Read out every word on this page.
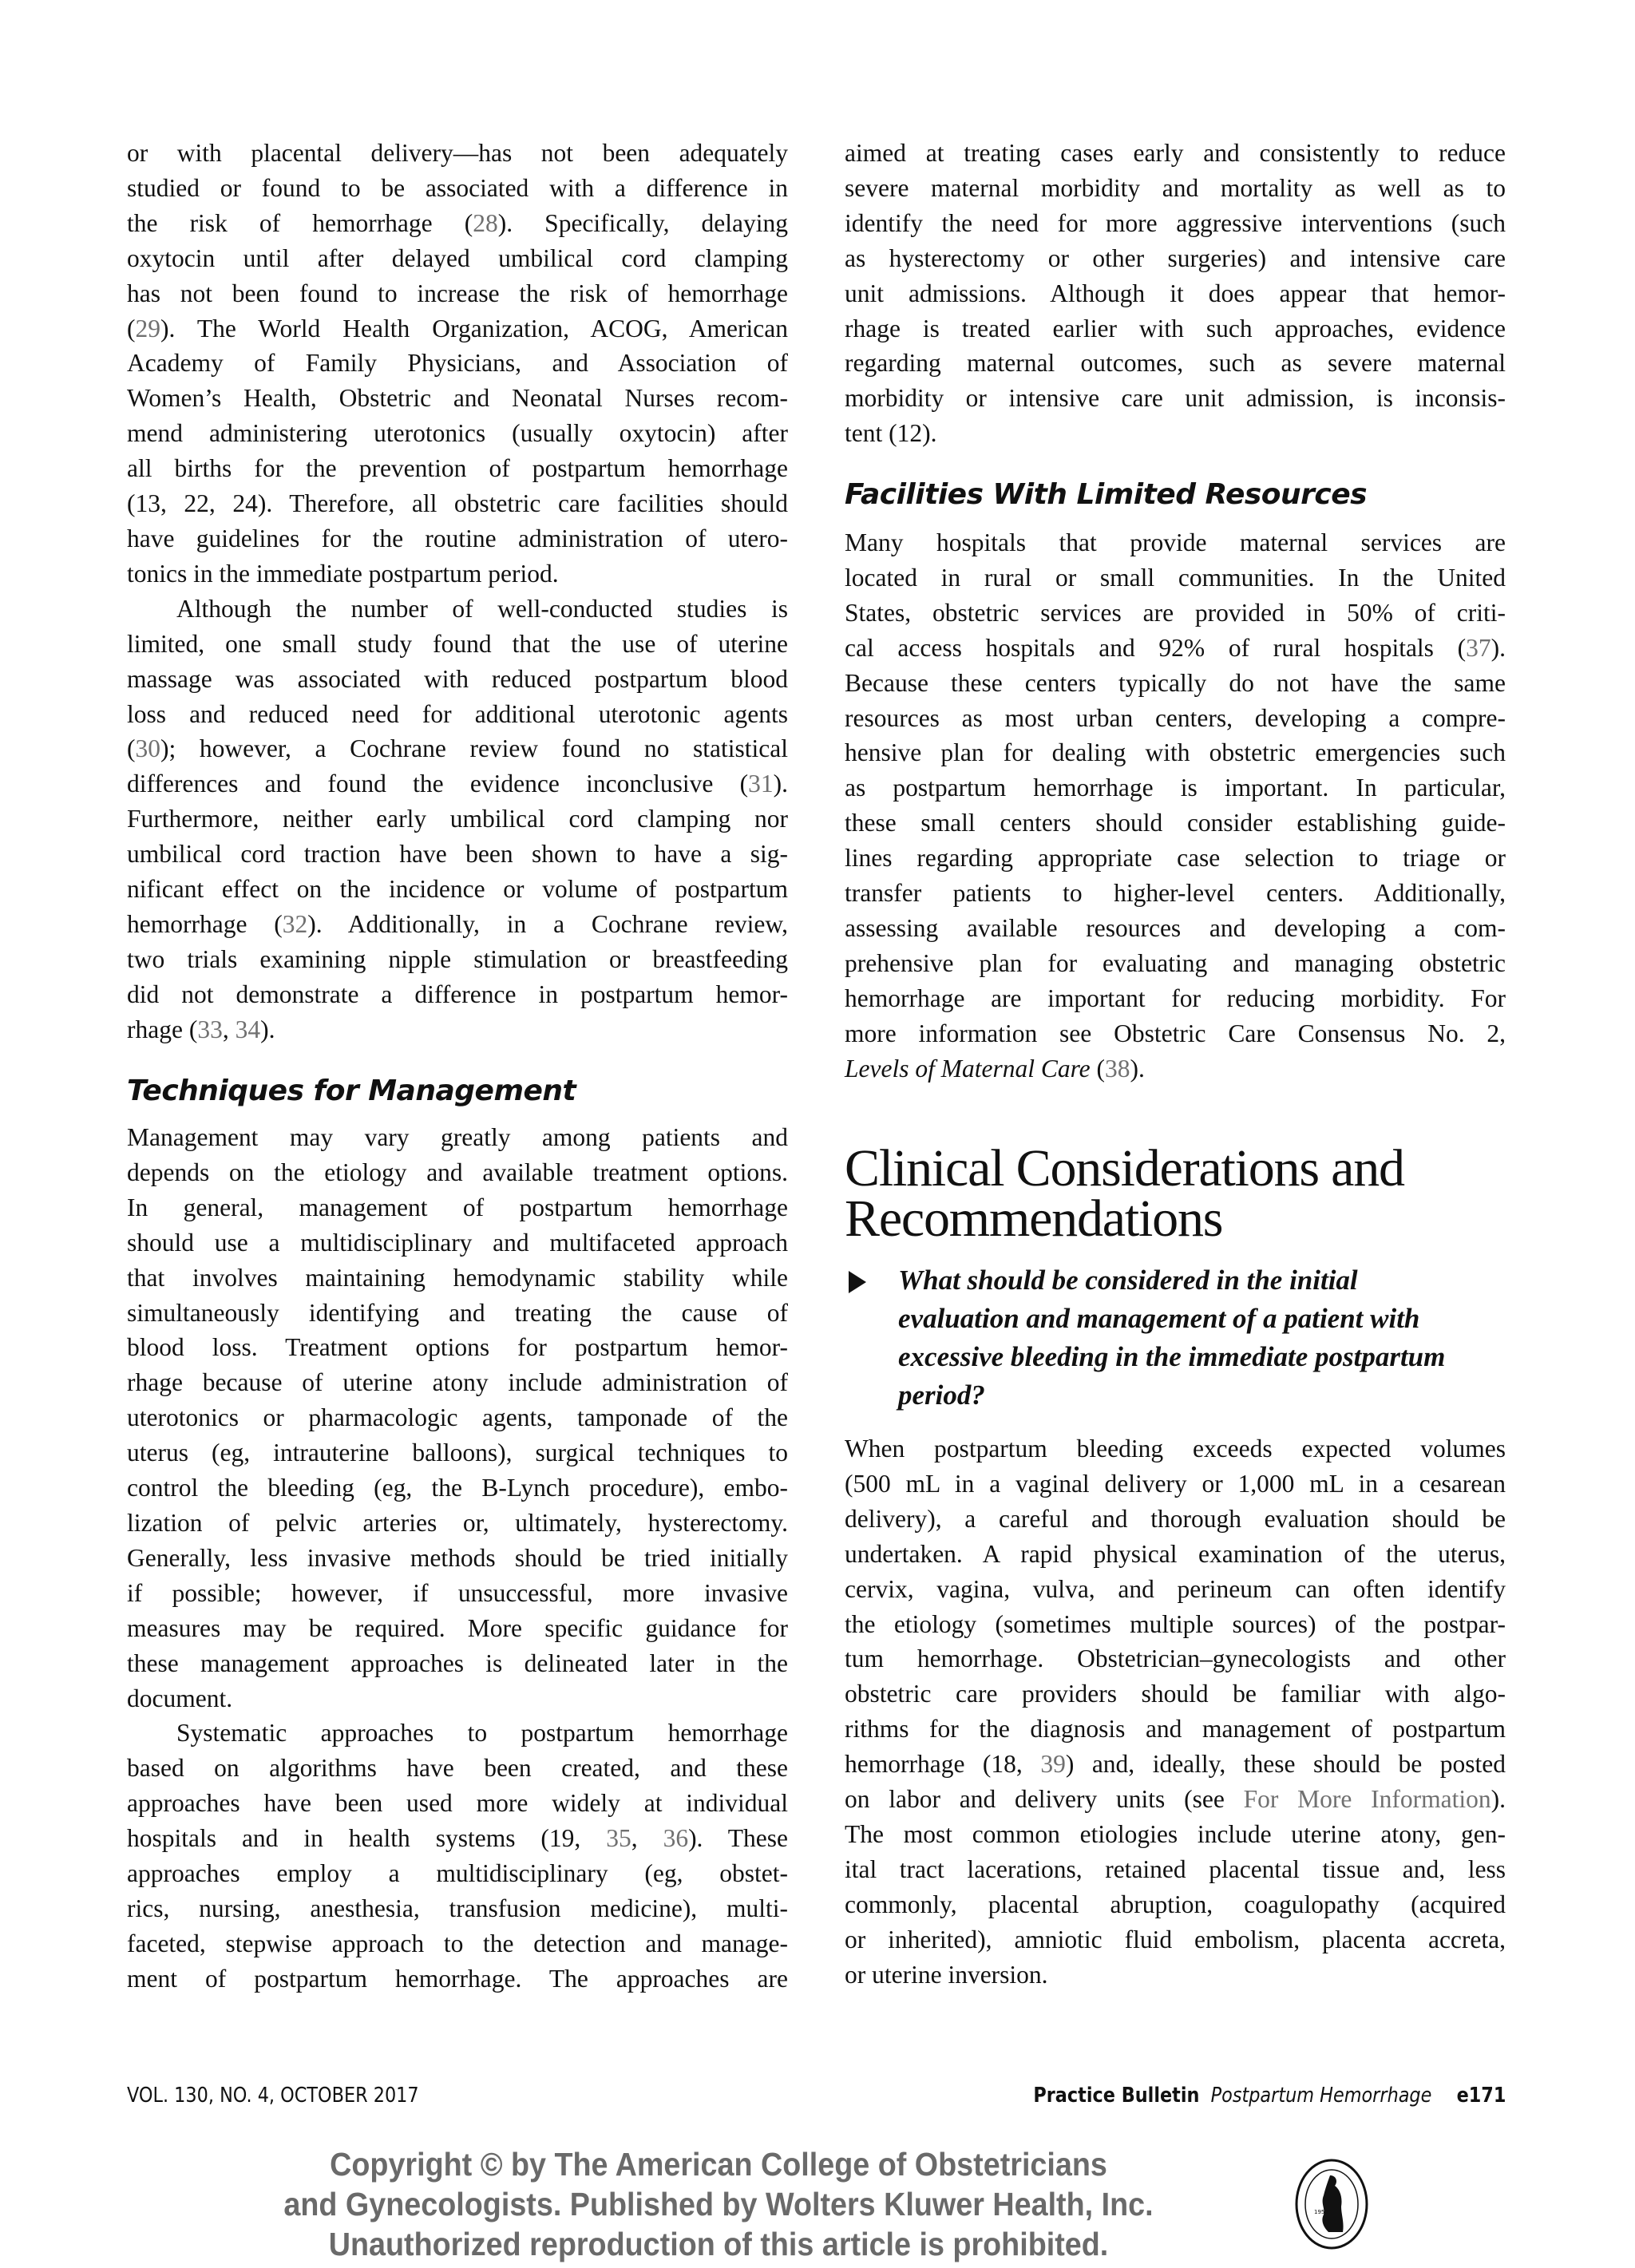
or with placental delivery—has not been adequately
studied or found to be associated with a difference in
the risk of hemorrhage (28). Specifically, delaying
oxytocin until after delayed umbilical cord clamping
has not been found to increase the risk of hemorrhage
(29). The World Health Organization, ACOG, American
Academy of Family Physicians, and Association of
Women’s Health, Obstetric and Neonatal Nurses recom-
mend administering uterotonics (usually oxytocin) after
all births for the prevention of postpartum hemorrhage
(13, 22, 24). Therefore, all obstetric care facilities should
have guidelines for the routine administration of utero-
tonics in the immediate postpartum period.
Although the number of well-conducted studies is
limited, one small study found that the use of uterine
massage was associated with reduced postpartum blood
loss and reduced need for additional uterotonic agents
(30); however, a Cochrane review found no statistical
differences and found the evidence inconclusive (31).
Furthermore, neither early umbilical cord clamping nor
umbilical cord traction have been shown to have a sig-
nificant effect on the incidence or volume of postpartum
hemorrhage (32). Additionally, in a Cochrane review,
two trials examining nipple stimulation or breastfeeding
did not demonstrate a difference in postpartum hemor-
rhage (33, 34).
Techniques for Management
Management may vary greatly among patients and
depends on the etiology and available treatment options.
In general, management of postpartum hemorrhage
should use a multidisciplinary and multifaceted approach
that involves maintaining hemodynamic stability while
simultaneously identifying and treating the cause of
blood loss. Treatment options for postpartum hemor-
rhage because of uterine atony include administration of
uterotonics or pharmacologic agents, tamponade of the
uterus (eg, intrauterine balloons), surgical techniques to
control the bleeding (eg, the B-Lynch procedure), embo-
lization of pelvic arteries or, ultimately, hysterectomy.
Generally, less invasive methods should be tried initially
if possible; however, if unsuccessful, more invasive
measures may be required. More specific guidance for
these management approaches is delineated later in the
document.
Systematic approaches to postpartum hemorrhage
based on algorithms have been created, and these
approaches have been used more widely at individual
hospitals and in health systems (19, 35, 36). These
approaches employ a multidisciplinary (eg, obstet-
rics, nursing, anesthesia, transfusion medicine), multi-
faceted, stepwise approach to the detection and manage-
ment of postpartum hemorrhage. The approaches are
aimed at treating cases early and consistently to reduce
severe maternal morbidity and mortality as well as to
identify the need for more aggressive interventions (such
as hysterectomy or other surgeries) and intensive care
unit admissions. Although it does appear that hemor-
rhage is treated earlier with such approaches, evidence
regarding maternal outcomes, such as severe maternal
morbidity or intensive care unit admission, is inconsis-
tent (12).
Facilities With Limited Resources
Many hospitals that provide maternal services are
located in rural or small communities. In the United
States, obstetric services are provided in 50% of criti-
cal access hospitals and 92% of rural hospitals (37).
Because these centers typically do not have the same
resources as most urban centers, developing a compre-
hensive plan for dealing with obstetric emergencies such
as postpartum hemorrhage is important. In particular,
these small centers should consider establishing guide-
lines regarding appropriate case selection to triage or
transfer patients to higher-level centers. Additionally,
assessing available resources and developing a com-
prehensive plan for evaluating and managing obstetric
hemorrhage are important for reducing morbidity. For
more information see Obstetric Care Consensus No. 2,
Levels of Maternal Care (38).
Clinical Considerations and
Recommendations
What should be considered in the initial evaluation and management of a patient with excessive bleeding in the immediate postpartum period?
When postpartum bleeding exceeds expected volumes
(500 mL in a vaginal delivery or 1,000 mL in a cesarean
delivery), a careful and thorough evaluation should be
undertaken. A rapid physical examination of the uterus,
cervix, vagina, vulva, and perineum can often identify
the etiology (sometimes multiple sources) of the postpar-
tum hemorrhage. Obstetrician–gynecologists and other
obstetric care providers should be familiar with algo-
rithms for the diagnosis and management of postpartum
hemorrhage (18, 39) and, ideally, these should be posted
on labor and delivery units (see For More Information).
The most common etiologies include uterine atony, gen-
ital tract lacerations, retained placental tissue and, less
commonly, placental abruption, coagulopathy (acquired
or inherited), amniotic fluid embolism, placenta accreta,
or uterine inversion.
VOL. 130, NO. 4, OCTOBER 2017	Practice Bulletin Postpartum Hemorrhage e171
Copyright © by The American College of Obstetricians
and Gynecologists. Published by Wolters Kluwer Health, Inc.
Unauthorized reproduction of this article is prohibited.
1951
